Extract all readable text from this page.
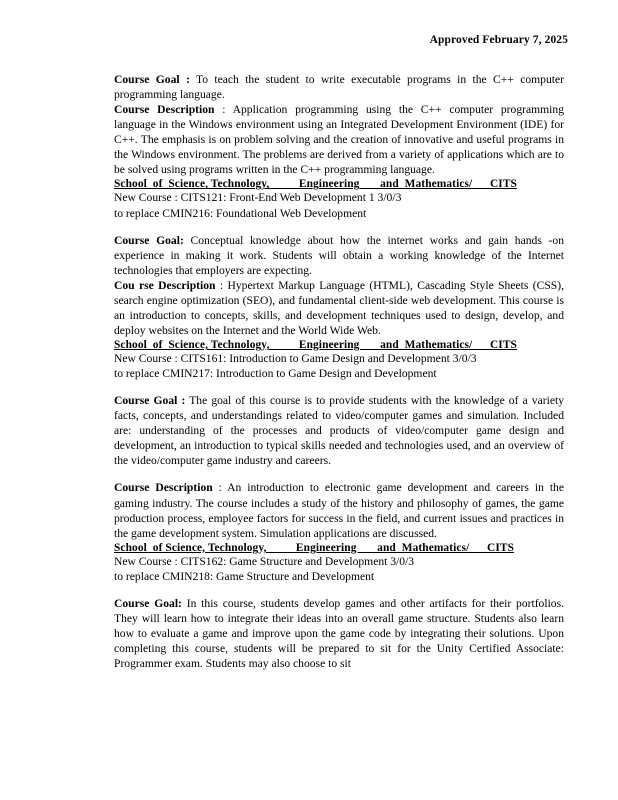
Approved February 7, 2025

Course Goal : To teach the student to write executable programs in the C++ computer programming language.

Course Description : Application programming using the C++ computer programming language in the Windows environment using an Integrated Development Environment (IDE) for C++. The emphasis is on problem solving and the creation of innovative and useful programs in the Windows environment. The problems are derived from a variety of applications which are to be solved using programs written in the C++ programming language.

School  of  Science, Technology,          Engineering       and  Mathematics/      CITS

New Course : CITS121: Front-End Web Development 1 3/0/3

to replace CMIN216: Foundational Web Development

Course Goal: Conceptual knowledge about how the internet works and gain hands -on experience in making it work. Students will obtain a working knowledge of the Internet technologies that employers are expecting.

Cou rse Description : Hypertext Markup Language (HTML), Cascading Style Sheets (CSS), search engine optimization (SEO), and fundamental client-side web development. This course is an introduction to concepts, skills, and development techniques used to design, develop, and deploy websites on the Internet and the World Wide Web.

School  of  Science, Technology,          Engineering       and  Mathematics/      CITS

New Course : CITS161: Introduction to Game Design and Development 3/0/3

to replace CMIN217: Introduction to Game Design and Development

Course Goal : The goal of this course is to provide students with the knowledge of a variety facts, concepts, and understandings related to video/computer games and simulation. Included are: understanding of the processes and products of video/computer game design and development, an introduction to typical skills needed and technologies used, and an overview of the video/computer game industry and careers.

Course Description : An introduction to electronic game development and careers in the gaming industry. The course includes a study of the history and philosophy of games, the game production process, employee factors for success in the field, and current issues and practices in the game development system. Simulation applications are discussed.

School  of Science, Technology,          Engineering       and  Mathematics/      CITS

New Course : CITS162: Game Structure and Development 3/0/3

to replace CMIN218: Game Structure and Development

Course Goal: In this course, students develop games and other artifacts for their portfolios. They will learn how to integrate their ideas into an overall game structure. Students also learn how to evaluate a game and improve upon the game code by integrating their solutions. Upon completing this course, students will be prepared to sit for the Unity Certified Associate: Programmer exam. Students may also choose to sit
